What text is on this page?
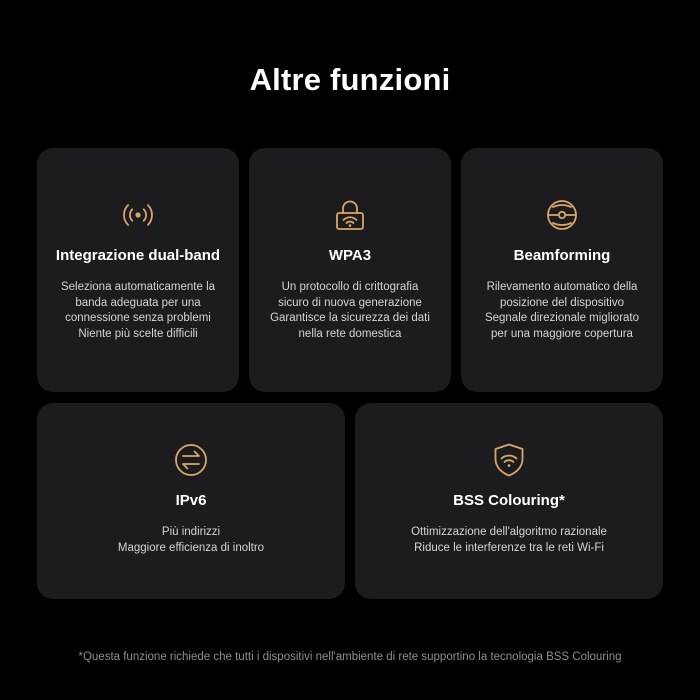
Altre funzioni
Integrazione dual-band
Seleziona automaticamente la
banda adeguata per una
connessione senza problemi
Niente più scelte difficili
WPA3
Un protocollo di crittografia
sicuro di nuova generazione
Garantisce la sicurezza dei dati
nella rete domestica
Beamforming
Rilevamento automatico della
posizione del dispositivo
Segnale direzionale migliorato
per una maggiore copertura
IPv6
Più indirizzi
Maggiore efficienza di inoltro
BSS Colouring*
Ottimizzazione dell'algoritmo razionale
Riduce le interferenze tra le reti Wi-Fi
*Questa funzione richiede che tutti i dispositivi nell'ambiente di rete supportino la tecnologia BSS Colouring
